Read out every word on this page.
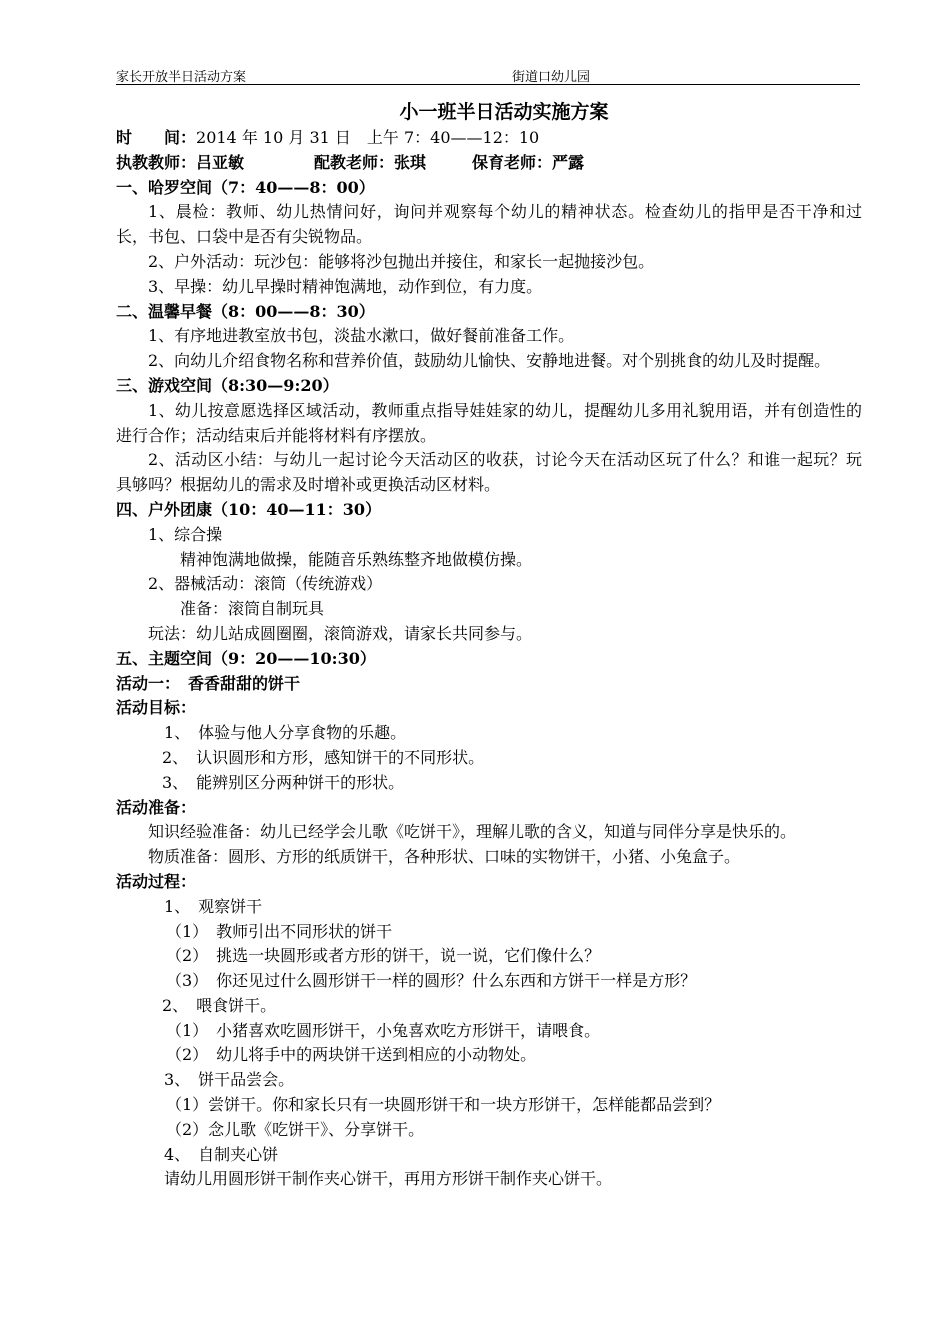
家长开放半日活动方案	街道口幼儿园
小一班半日活动实施方案
时　　间：2014 年 10 月 31 日　上午 7：40——12：10
执教教师：吕亚敏	配教老师：张琪	保育老师：严露
一、哈罗空间（7：40——8：00）
1、晨检：教师、幼儿热情问好，询问并观察每个幼儿的精神状态。检查幼儿的指甲是否干净和过长，书包、口袋中是否有尖锐物品。
2、户外活动：玩沙包：能够将沙包抛出并接住，和家长一起抛接沙包。
3、早操：幼儿早操时精神饱满地，动作到位，有力度。
二、温馨早餐（8：00——8：30）
1、有序地进教室放书包，淡盐水漱口，做好餐前准备工作。
2、向幼儿介绍食物名称和营养价值，鼓励幼儿愉快、安静地进餐。对个别挑食的幼儿及时提醒。
三、游戏空间（8:30—9:20）
1、幼儿按意愿选择区域活动，教师重点指导娃娃家的幼儿，提醒幼儿多用礼貌用语，并有创造性的进行合作；活动结束后并能将材料有序摆放。
2、活动区小结：与幼儿一起讨论今天活动区的收获，讨论今天在活动区玩了什么？和谁一起玩？玩具够吗？根据幼儿的需求及时增补或更换活动区材料。
四、户外团康（10：40—11：30）
1、综合操
精神饱满地做操，能随音乐熟练整齐地做模仿操。
2、器械活动：滚筒（传统游戏）
准备：滚筒自制玩具
玩法：幼儿站成圆圈圈，滚筒游戏，请家长共同参与。
五、主题空间（9：20——10:30）
活动一：　香香甜甜的饼干
活动目标：
1、　体验与他人分享食物的乐趣。
2、　认识圆形和方形，感知饼干的不同形状。
3、　能辨别区分两种饼干的形状。
活动准备：
知识经验准备：幼儿已经学会儿歌《吃饼干》，理解儿歌的含义，知道与同伴分享是快乐的。
物质准备：圆形、方形的纸质饼干，各种形状、口味的实物饼干，小猪、小兔盒子。
活动过程：
1、　观察饼干
（1）　教师引出不同形状的饼干
（2）　挑选一块圆形或者方形的饼干，说一说，它们像什么？
（3）　你还见过什么圆形饼干一样的圆形？什么东西和方饼干一样是方形？
2、　喂食饼干。
（1）　小猪喜欢吃圆形饼干，小兔喜欢吃方形饼干，请喂食。
（2）　幼儿将手中的两块饼干送到相应的小动物处。
3、　饼干品尝会。
（1）尝饼干。你和家长只有一块圆形饼干和一块方形饼干，怎样能都品尝到？
（2）念儿歌《吃饼干》、分享饼干。
4、　自制夹心饼
请幼儿用圆形饼干制作夹心饼干，再用方形饼干制作夹心饼干。
